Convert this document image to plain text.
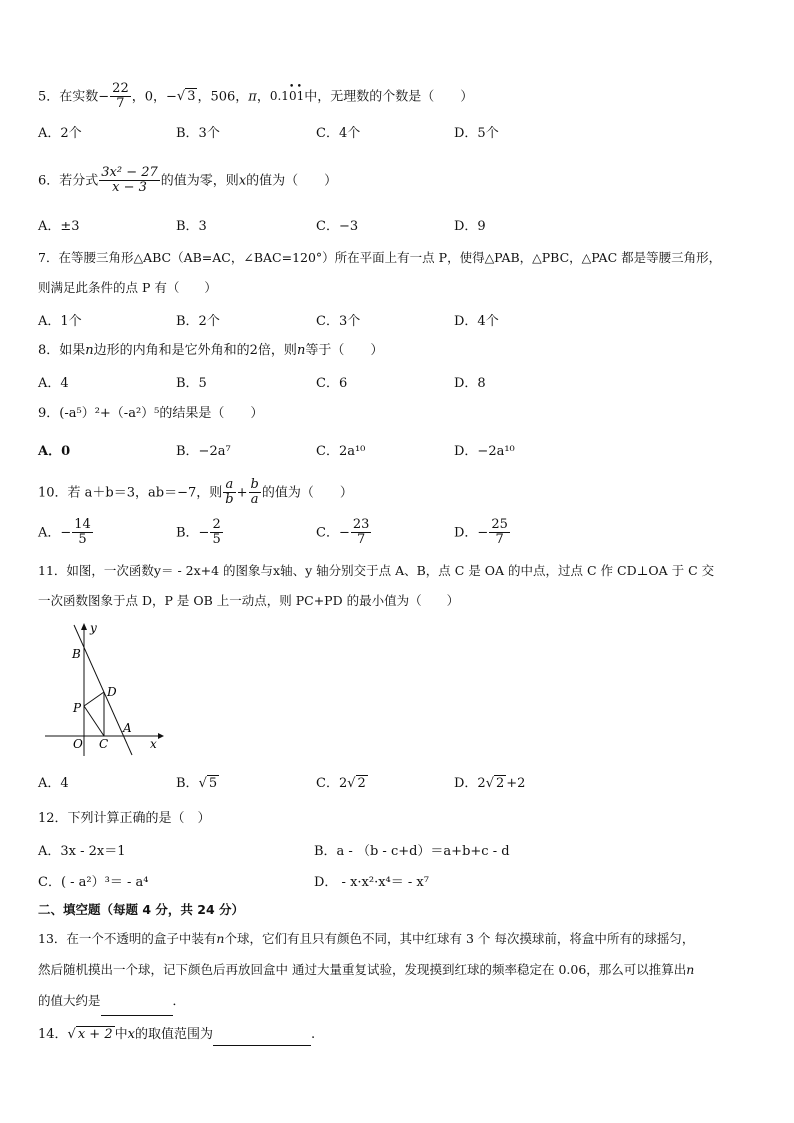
5．在实数− $\frac{22}{7}$ ，0，−√ 3 ，506，π，0.1• 0• 1中，无理数的个数是（　　）
A．2个	B．3个	C．4个	D．5个
6．若分式 $\frac{\text{3x² − 27}}{x - 3}$ 的值为零，则x的值为（　　）
A．±3	B．3	C．−3	D．9
7．在等腰三角形△ABC（AB=AC，∠BAC=120°）所在平面上有一点 P，使得△PAB，△PBC，△PAC 都是等腰三角形，
则满足此条件的点 P 有（　　）
A．1个	B．2个	C．3个	D．4个
8．如果n边形的内角和是它外角和的2倍，则n等于（　　）
A．4	B．5	C．6	D．8
9．(-a⁵）²+（-a²）⁵的结果是（　　）
A．0	B．−2a⁷	C．2a¹⁰	D．−2a¹⁰
10．若 a＋b＝3，ab＝−7，则 $\frac{a}{b} + \frac{b}{a}$ 的值为（　　）
A．− $\frac{14}{5}$	B．− $\frac{2}{5}$	C．− $\frac{23}{7}$	D．− $\frac{25}{7}$
11．如图，一次函数y＝ - 2x+4 的图象与x轴、y 轴分别交于点 A、B，点 C 是 OA 的中点，过点 C 作 CD⊥OA 于 C 交
一次函数图象于点 D，P 是 OB 上一动点，则 PC+PD 的最小值为（　　）
y
B
D
P
O C
A
x
A．4	B．√ 5	C．2√ 2	D．2√ 2 +2
12．下列计算正确的是（　）
A．3x - 2x＝1	B．a - （b - c+d）＝a+b+c - d
C．( - a²）³＝ - a⁴	D． - x·x²·x⁴＝ - x⁷
二、填空题（每题 4 分，共 24 分）
13．在一个不透明的盒子中装有n个球，它们有且只有颜色不同，其中红球有 3 个 每次摸球前，将盒中所有的球摇匀，
然后随机摸出一个球，记下颜色后再放回盒中 通过大量重复试验，发现摸到红球的频率稳定在 0.06，那么可以推算出n
的值大约是	．
14．√ x + 2 中x的取值范围为	.
